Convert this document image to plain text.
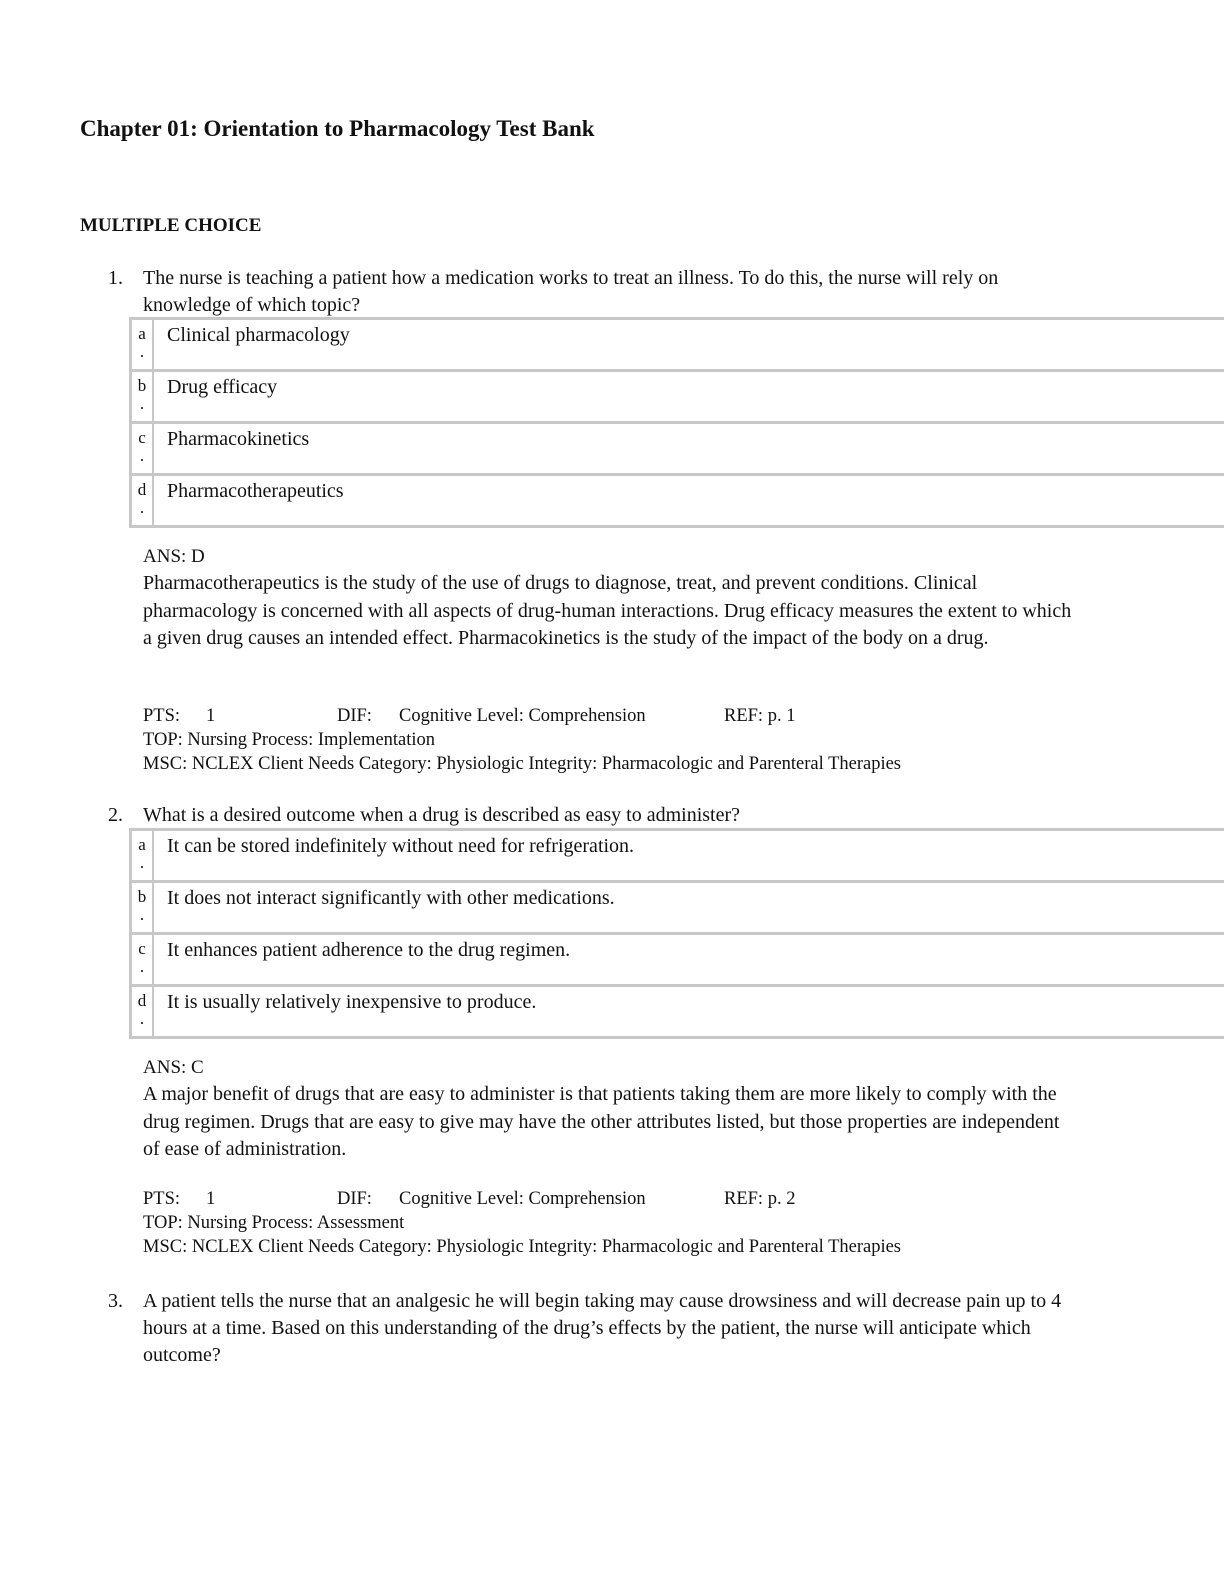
Chapter 01: Orientation to Pharmacology Test Bank
MULTIPLE CHOICE
1. The nurse is teaching a patient how a medication works to treat an illness. To do this, the nurse will rely on knowledge of which topic?

a
.
Clinical pharmacology
b
.
Drug efficacy
c
.
Pharmacokinetics
d
.
Pharmacotherapeutics
ANS: D

Pharmacotherapeutics is the study of the use of drugs to diagnose, treat, and prevent conditions. Clinical pharmacology is concerned with all aspects of drug-human interactions. Drug efficacy measures the extent to which a given drug causes an intended effect. Pharmacokinetics is the study of the impact of the body on a drug.

PTS: 1	DIF: Cognitive Level: Comprehension	REF: p. 1
TOP: Nursing Process: Implementation
MSC: NCLEX Client Needs Category: Physiologic Integrity: Pharmacologic and Parenteral Therapies
2. What is a desired outcome when a drug is described as easy to administer?

a
.
It can be stored indefinitely without need for refrigeration.
b
.
It does not interact significantly with other medications.
c
.
It enhances patient adherence to the drug regimen.
d
.
It is usually relatively inexpensive to produce.
ANS: C

A major benefit of drugs that are easy to administer is that patients taking them are more likely to comply with the drug regimen. Drugs that are easy to give may have the other attributes listed, but those properties are independent of ease of administration.

PTS: 1	DIF: Cognitive Level: Comprehension	REF: p. 2
TOP: Nursing Process: Assessment
MSC: NCLEX Client Needs Category: Physiologic Integrity: Pharmacologic and Parenteral Therapies
3. A patient tells the nurse that an analgesic he will begin taking may cause drowsiness and will decrease pain up to 4 hours at a time. Based on this understanding of the drug’s effects by the patient, the nurse will anticipate which outcome?
